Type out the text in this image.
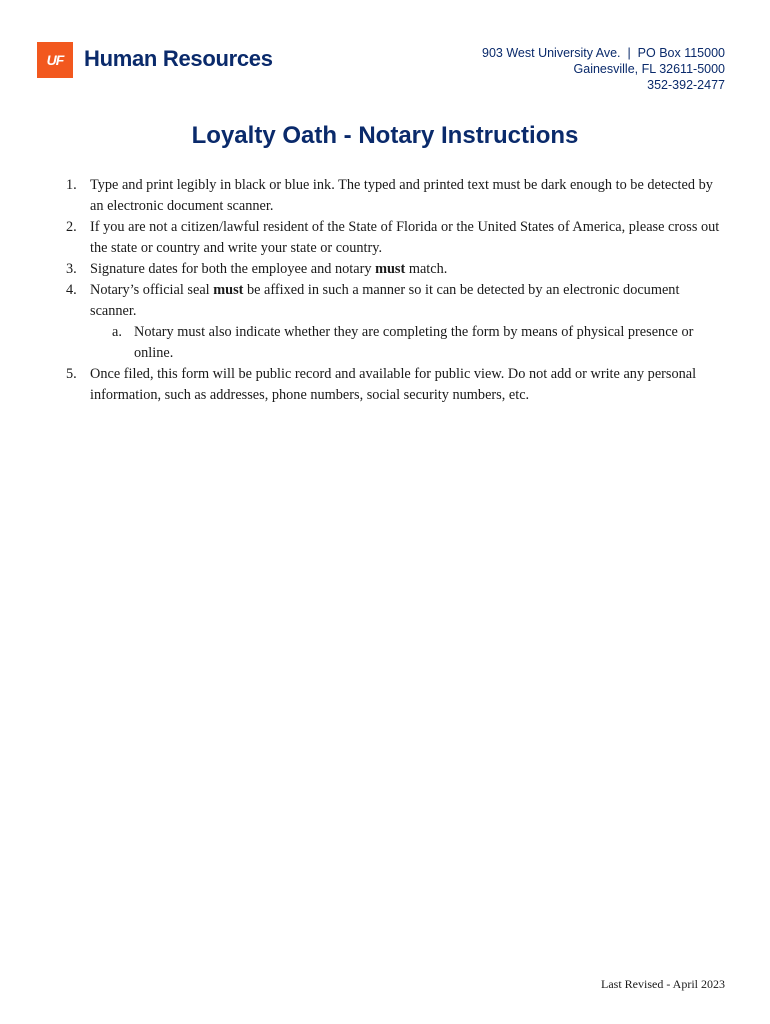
UF Human Resources	903 West University Ave.  |  PO Box 115000
Gainesville, FL 32611-5000
352-392-2477
Loyalty Oath - Notary Instructions
1. Type and print legibly in black or blue ink. The typed and printed text must be dark enough to be detected by an electronic document scanner.
2. If you are not a citizen/lawful resident of the State of Florida or the United States of America, please cross out the state or country and write your state or country.
3. Signature dates for both the employee and notary must match.
4. Notary’s official seal must be affixed in such a manner so it can be detected by an electronic document scanner.
a. Notary must also indicate whether they are completing the form by means of physical presence or online.
5. Once filed, this form will be public record and available for public view. Do not add or write any personal information, such as addresses, phone numbers, social security numbers, etc.
Last Revised - April 2023
